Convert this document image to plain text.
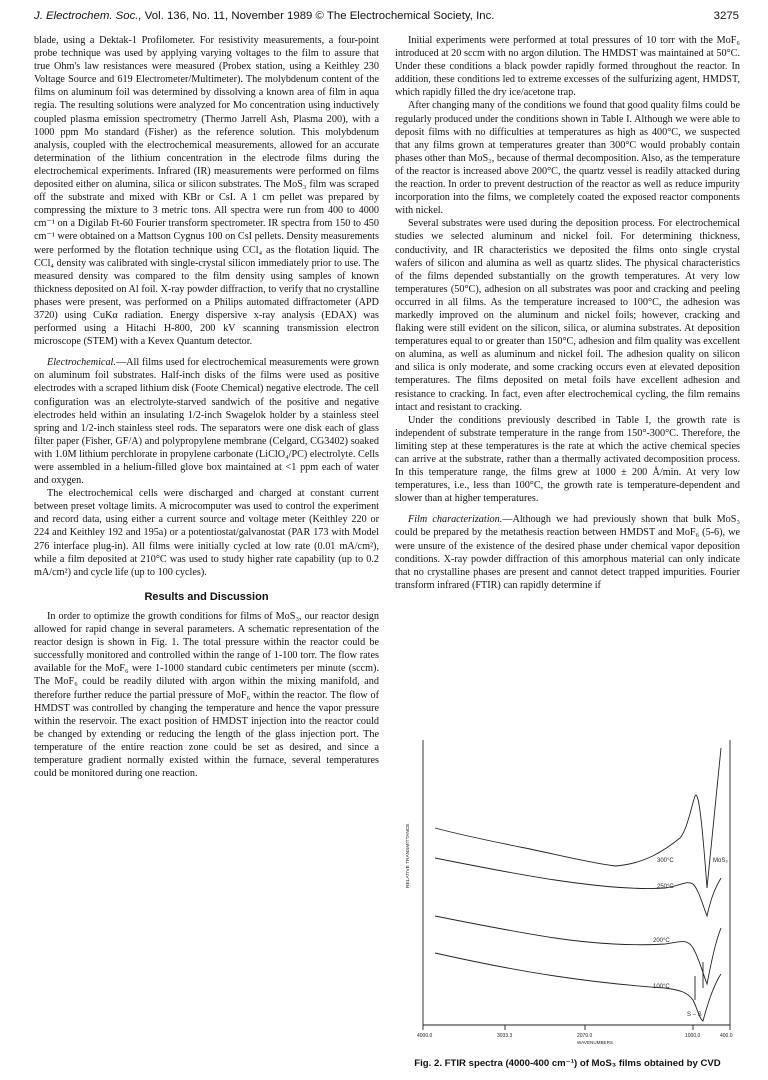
J. Electrochem. Soc., Vol. 136, No. 11, November 1989 © The Electrochemical Society, Inc.	3275

blade, using a Dektak-1 Profilometer. For resistivity measurements, a four-point probe technique was used by applying varying voltages to the film to assure that true Ohm's law resistances were measured (Probex station, using a Keithley 230 Voltage Source and 619 Electrometer/Multimeter). The molybdenum content of the films on aluminum foil was determined by dissolving a known area of film in aqua regia. The resulting solutions were analyzed for Mo concentration using inductively coupled plasma emission spectrometry (Thermo Jarrell Ash, Plasma 200), with a 1000 ppm Mo standard (Fisher) as the reference solution. This molybdenum analysis, coupled with the electrochemical measurements, allowed for an accurate determination of the lithium concentration in the electrode films during the electrochemical experiments. Infrared (IR) measurements were performed on films deposited either on alumina, silica or silicon substrates. The MoS₃ film was scraped off the substrate and mixed with KBr or CsI. A 1 cm pellet was prepared by compressing the mixture to 3 metric tons. All spectra were run from 400 to 4000 cm⁻¹ on a Digilab Ft-60 Fourier transform spectrometer. IR spectra from 150 to 450 cm⁻¹ were obtained on a Mattson Cygnus 100 on CsI pellets. Density measurements were performed by the flotation technique using CCl₄ as the flotation liquid. The CCl₄ density was calibrated with single-crystal silicon immediately prior to use. The measured density was compared to the film density using samples of known thickness deposited on Al foil. X-ray powder diffraction, to verify that no crystalline phases were present, was performed on a Philips automated diffractometer (APD 3720) using CuKα radiation. Energy dispersive x-ray analysis (EDAX) was performed using a Hitachi H-800, 200 kV scanning transmission electron microscope (STEM) with a Kevex Quantum detector.

Electrochemical.—All films used for electrochemical measurements were grown on aluminum foil substrates. Half-inch disks of the films were used as positive electrodes with a scraped lithium disk (Foote Chemical) negative electrode. The cell configuration was an electrolyte-starved sandwich of the positive and negative electrodes held within an insulating 1/2-inch Swagelok holder by a stainless steel spring and 1/2-inch stainless steel rods. The separators were one disk each of glass filter paper (Fisher, GF/A) and polypropylene membrane (Celgard, CG3402) soaked with 1.0M lithium perchlorate in propylene carbonate (LiClO₄/PC) electrolyte. Cells were assembled in a helium-filled glove box maintained at <1 ppm each of water and oxygen.

The electrochemical cells were discharged and charged at constant current between preset voltage limits. A microcomputer was used to control the experiment and record data, using either a current source and voltage meter (Keithley 220 or 224 and Keithley 192 and 195a) or a potentiostat/galvanostat (PAR 173 with Model 276 interface plug-in). All films were initially cycled at low rate (0.01 mA/cm²), while a film deposited at 210°C was used to study higher rate capability (up to 0.2 mA/cm²) and cycle life (up to 100 cycles).

Results and Discussion

In order to optimize the growth conditions for films of MoS₃, our reactor design allowed for rapid change in several parameters. A schematic representation of the reactor design is shown in Fig. 1. The total pressure within the reactor could be successfully monitored and controlled within the range of 1-100 torr. The flow rates available for the MoF₆ were 1-1000 standard cubic centimeters per minute (sccm). The MoF₆ could be readily diluted with argon within the mixing manifold, and therefore further reduce the partial pressure of MoF₆ within the reactor. The flow of HMDST was controlled by changing the temperature and hence the vapor pressure within the reservoir. The exact position of HMDST injection into the reactor could be changed by extending or reducing the length of the glass injection port. The temperature of the entire reaction zone could be set as desired, and since a temperature gradient normally existed within the furnace, several temperatures could be monitored during one reaction.

Initial experiments were performed at total pressures of 10 torr with the MoF₆ introduced at 20 sccm with no argon dilution. The HMDST was maintained at 50°C. Under these conditions a black powder rapidly formed throughout the reactor. In addition, these conditions led to extreme excesses of the sulfurizing agent, HMDST, which rapidly filled the dry ice/acetone trap.

After changing many of the conditions we found that good quality films could be regularly produced under the conditions shown in Table I. Although we were able to deposit films with no difficulties at temperatures as high as 400°C, we suspected that any films grown at temperatures greater than 300°C would probably contain phases other than MoS₃, because of thermal decomposition. Also, as the temperature of the reactor is increased above 200°C, the quartz vessel is readily attacked during the reaction. In order to prevent destruction of the reactor as well as reduce impurity incorporation into the films, we completely coated the exposed reactor components with nickel.

Several substrates were used during the deposition process. For electrochemical studies we selected aluminum and nickel foil. For determining thickness, conductivity, and IR characteristics we deposited the films onto single crystal wafers of silicon and alumina as well as quartz slides. The physical characteristics of the films depended substantially on the growth temperatures. At very low temperatures (50°C), adhesion on all substrates was poor and cracking and peeling occurred in all films. As the temperature increased to 100°C, the adhesion was markedly improved on the aluminum and nickel foils; however, cracking and flaking were still evident on the silicon, silica, or alumina substrates. At deposition temperatures equal to or greater than 150°C, adhesion and film quality was excellent on alumina, as well as aluminum and nickel foil. The adhesion quality on silicon and silica is only moderate, and some cracking occurs even at elevated deposition temperatures. The films deposited on metal foils have excellent adhesion and resistance to cracking. In fact, even after electrochemical cycling, the film remains intact and resistant to cracking.

Under the conditions previously described in Table I, the growth rate is independent of substrate temperature in the range from 150°-300°C. Therefore, the limiting step at these temperatures is the rate at which the active chemical species can arrive at the substrate, rather than a thermally activated decomposition process. In this temperature range, the films grew at 1000 ± 200 Å/min. At very low temperatures, i.e., less than 100°C, the growth rate is temperature-dependent and slower than at higher temperatures.

Film characterization.—Although we had previously shown that bulk MoS₃ could be prepared by the metathesis reaction between HMDST and MoF₆ (5-6), we were unsure of the existence of the desired phase under chemical vapor deposition conditions. X-ray powder diffraction of this amorphous material can only indicate that no crystalline phases are present and cannot detect trapped impurities. Fourier transform infrared (FTIR) can rapidly determine if

RELATIVE TRANSMITTANCE	300°C
250°C
200°C
100°C
MoS₃
S – S
4000.0	3033.3	2070.0	1000.0	400.0
WAVENUMBERS
Fig. 2. FTIR spectra (4000-400 cm⁻¹) of MoS₃ films obtained by CVD
